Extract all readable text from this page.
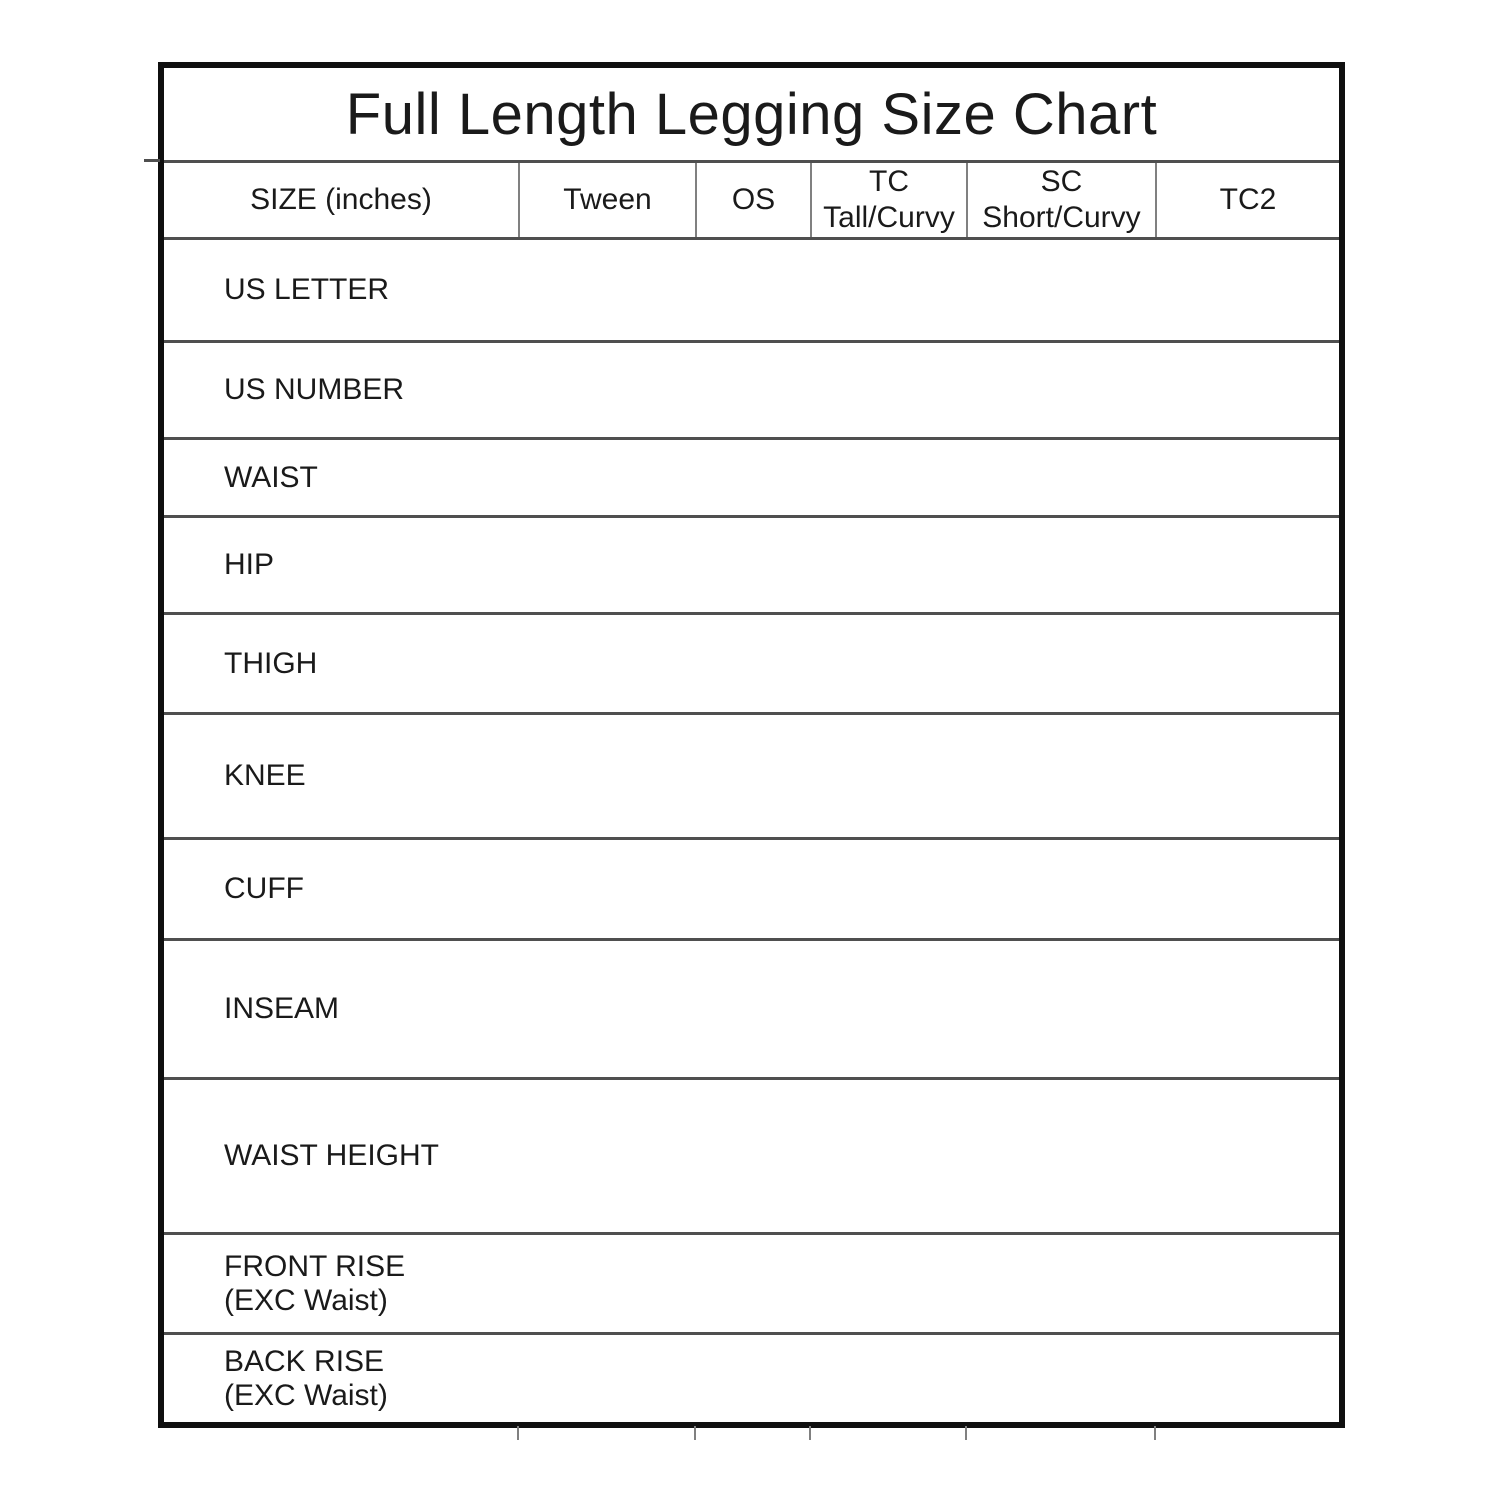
Full Length Legging Size Chart
SIZE (inches)	Tween	OS
TC
Tall/Curvy
SC
Short/Curvy
TC2
US LETTER
US NUMBER
WAIST
HIP
THIGH
KNEE
CUFF
INSEAM
WAIST HEIGHT
FRONT RISE
(EXC Waist)
BACK RISE
(EXC Waist)
